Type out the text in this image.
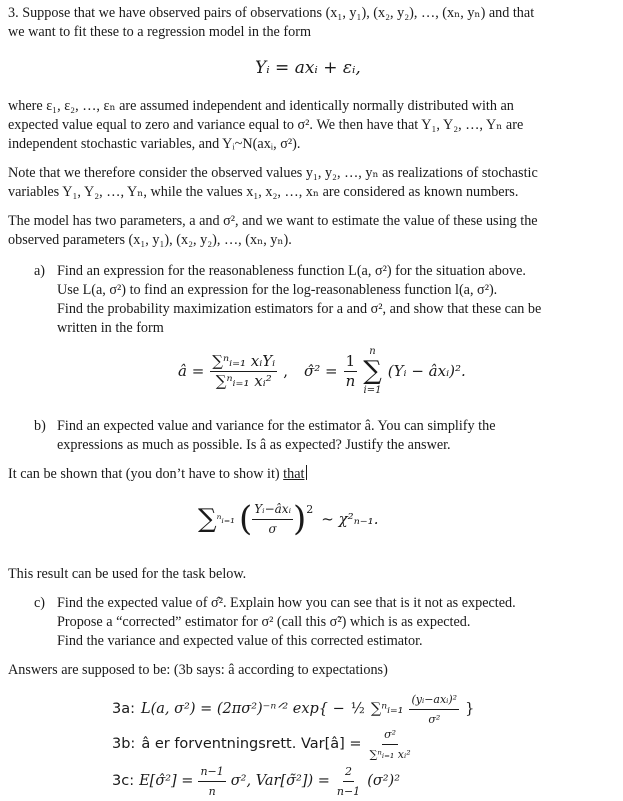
3. Suppose that we have observed pairs of observations (x₁, y₁), (x₂, y₂), …, (xₙ, yₙ) and that
we want to fit these to a regression model in the form
Yᵢ = axᵢ + εᵢ,
where ε₁, ε₂, …, εₙ are assumed independent and identically normally distributed with an
expected value equal to zero and variance equal to σ². We then have that Y₁, Y₂, …, Yₙ are
independent stochastic variables, and Yᵢ~N(axᵢ, σ²).
Note that we therefore consider the observed values y₁, y₂, …, yₙ as realizations of stochastic
variables Y₁, Y₂, …, Yₙ, while the values x₁, x₂, …, xₙ are considered as known numbers.
The model has two parameters, a and σ², and we want to estimate the value of these using the
observed parameters (x₁, y₁), (x₂, y₂), …, (xₙ, yₙ).
a) Find an expression for the reasonableness function L(a, σ²) for the situation above.
Use L(a, σ²) to find an expression for the log-reasonableness function l(a, σ²).
Find the probability maximization estimators for a and σ², and show that these can be
written in the form
â = $\frac{\text{∑ⁿᵢ₌₁ xᵢYᵢ}}{\text{∑ⁿᵢ₌₁ xᵢ²}}$ , σ̂² = $\frac{1}{n}$ n
∑
i=1
(Yᵢ − âxᵢ)².
b) Find an expected value and variance for the estimator â. You can simplify the
expressions as much as possible. Is â as expected? Justify the answer.
It can be shown that (you don’t have to show it) that
∑ ⁿᵢ₌₁ ( $\frac{\text{Yᵢ−âxᵢ}}{\sigma}$ ) 2
~ χ²ₙ₋₁.
This result can be used for the task below.
c) Find the expected value of σ̂². Explain how you can see that is it not as expected.
Propose a “corrected” estimator for σ² (call this σ̃²) which is as expected.
Find the variance and expected value of this corrected estimator.
Answers are supposed to be: (3b says: â according to expectations)
3a: L(a, σ²) = (2πσ²)⁻ⁿᐟ² exp{ − ½ ∑ⁿᵢ₌₁ $\frac{\text{(yᵢ−axᵢ)²}}{\text{σ²}}$ }
3b: â er forventningsrett. Var[â] = $\frac{\text{σ²}}{\text{∑ⁿᵢ₌₁ xᵢ²}}$
3c: E[σ̂²] = $\frac{n-1}{n} \sigma^2$, Var[σ̃²]) = $\frac{2}{n-1} (\sigma^2)^2$
